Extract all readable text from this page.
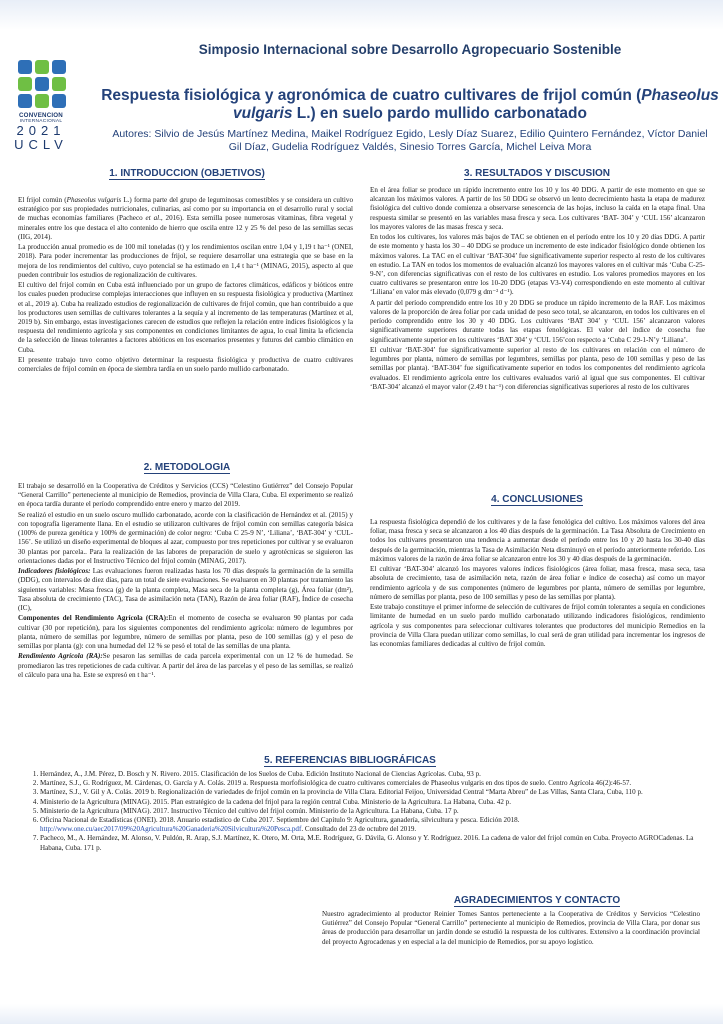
Simposio Internacional sobre Desarrollo Agropecuario Sostenible
CONVENCION
INTERNACIONAL
2021
UCLV
Respuesta fisiológica y agronómica de cuatro cultivares de frijol común (Phaseolus vulgaris L.) en suelo pardo mullido carbonatado
Autores: Silvio de Jesús Martínez Medina, Maikel Rodríguez Egido, Lesly Díaz Suarez, Edilio Quintero Fernández, Víctor Daniel Gil Díaz, Gudelia Rodríguez Valdés, Sinesio Torres García, Michel Leiva Mora
1. INTRODUCCION (OBJETIVOS)

El frijol común (Phaseolus vulgaris L.) forma parte del grupo de leguminosas comestibles y se considera un cultivo estratégico por sus propiedades nutricionales, culinarias, así como por su importancia en el desarrollo rural y social de muchas economías familiares (Pacheco et al., 2016). Esta semilla posee numerosas vitaminas, fibra vegetal y minerales entre los que destaca el alto contenido de hierro que oscila entre 12 y 25 % del peso de las semillas secas (IIG, 2014).

La producción anual promedio es de 100 mil toneladas (t) y los rendimientos oscilan entre 1,04 y 1,19 t ha⁻¹ (ONEI, 2018). Para poder incrementar las producciones de frijol, se requiere desarrollar una estrategia que se base en la mejora de los rendimientos del cultivo, cuyo potencial se ha estimado en 1,4 t ha⁻¹ (MINAG, 2015), aspecto al que pueden contribuir los estudios de regionalización de cultivares.

El cultivo del frijol común en Cuba está influenciado por un grupo de factores climáticos, edáficos y bióticos entre los cuales pueden producirse complejas interacciones que influyen en su respuesta fisiológica y productiva (Martínez et al., 2019 a). Cuba ha realizado estudios de regionalización de cultivares de frijol común, que han contribuido a que los productores usen semillas de cultivares tolerantes a la sequía y al incremento de las temperaturas (Martínez et al, 2019 b). Sin embargo, estas investigaciones carecen de estudios que reflejen la relación entre índices fisiológicos y la respuesta del rendimiento agrícola y sus componentes en condiciones limitantes de agua, lo cual limita la eficiencia de la selección de líneas tolerantes a factores abióticos en los escenarios presentes y futuros del cambio climático en Cuba.

El presente trabajo tuvo como objetivo determinar la respuesta fisiológica y productiva de cuatro cultivares comerciales de frijol común en época de siembra tardía en un suelo pardo mullido carbonatado.

2. METODOLOGIA

El trabajo se desarrolló en la Cooperativa de Créditos y Servicios (CCS) “Celestino Gutiérrez” del Consejo Popular “General Carrillo” perteneciente al municipio de Remedios, provincia de Villa Clara, Cuba. El experimento se realizó en época tardía durante el período comprendido entre enero y marzo del 2019.

Se realizó el estudio en un suelo oscuro mullido carbonatado, acorde con la clasificación de Hernández et al. (2015) y con topografía ligeramente llana. En el estudio se utilizaron cultivares de frijol común con semillas categoría básica (100% de pureza genética y 100% de germinación) de color negro: ‘Cuba C 25-9 N’, ‘Liliana’, ‘BAT-304’ y ‘CUL-156’. Se utilizó un diseño experimental de bloques al azar, compuesto por tres repeticiones por cultivar y se evaluaron 30 plantas por parcela.. Para la realización de las labores de preparación de suelo y agrotécnicas se siguieron las orientaciones dadas por el Instructivo Técnico del frijol común (MINAG, 2017).

Indicadores fisiológicos: Las evaluaciones fueron realizadas hasta los 70 días después la germinación de la semilla (DDG), con intervalos de diez días, para un total de siete evaluaciones. Se evaluaron en 30 plantas por tratamiento las siguientes variables: Masa fresca (g) de la planta completa, Masa seca de la planta completa (g), Área foliar (dm²), Tasa absoluta de crecimiento (TAC), Tasa de asimilación neta (TAN), Razón de área foliar (RAF), Índice de cosecha (IC),

Componentes del Rendimiento Agrícola (CRA):En el momento de cosecha se evaluaron 90 plantas por cada cultivar (30 por repetición), para los siguientes componentes del rendimiento agrícola: número de legumbres por planta, número de semillas por legumbre, número de semillas por planta, peso de 100 semillas (g) y el peso de semillas por planta (g): con una humedad del 12 % se pesó el total de las semillas de una planta.

Rendimiento Agrícola (RA):Se pesaron las semillas de cada parcela experimental con un 12 % de humedad. Se promediaron las tres repeticiones de cada cultivar. A partir del área de las parcelas y el peso de las semillas, se realizó el cálculo para una ha. Este se expresó en t ha⁻¹.

3. RESULTADOS Y DISCUSION

En el área foliar se produce un rápido incremento entre los 10 y los 40 DDG. A partir de este momento en que se alcanzan los máximos valores. A partir de los 50 DDG se observó un lento decrecimiento hasta la etapa de madurez fisiológica del cultivo donde comienza a observarse senescencia de las hojas, incluso la caída en la etapa final. Una respuesta similar se presentó en las variables masa fresca y seca. Los cultivares ‘BAT- 304’ y ‘CUL 156’ alcanzaron los mayores valores de las masas fresca y seca.

En todos los cultivares, los valores más bajos de TAC se obtienen en el período entre los 10 y 20 días DDG. A partir de este momento y hasta los 30 – 40 DDG se produce un incremento de este indicador fisiológico donde obtienen los máximos valores. La TAC en el cultivar ‘BAT-304’ fue significativamente superior respecto al resto de los cultivares en estudio. La TAN en todos los momentos de evaluación alcanzó los mayores valores en el cultivar más ‘Cuba C-25-9-N’, con diferencias significativas con el resto de los cultivares en estudio. Los valores promedios mayores en los cuatro cultivares se presentaron entre los 10-20 DDG (etapas V3-V4) correspondiendo en este momento al cultivar ‘Liliana’ en valor más elevado (0,079 g dm⁻² d⁻¹).

A partir del período comprendido entre los 10 y 20 DDG se produce un rápido incremento de la RAF. Los máximos valores de la proporción de área foliar por cada unidad de peso seco total, se alcanzaron, en todos los cultivares en el período comprendido entre los 30 y 40 DDG. Los cultivares ‘BAT 304’ y ‘CUL 156’ alcanzaron valores significativamente superiores durante todas las etapas fenológicas. El valor del índice de cosecha fue significativamente superior en los cultivares ‘BAT 304’ y ‘CUL 156’con respecto a ‘Cuba C 29-1-N’y ‘Liliana’.

El cultivar ‘BAT-304’ fue significativamente superior al resto de los cultivares en relación con el número de legumbres por planta, número de semillas por legumbres, semillas por planta, peso de 100 semillas y peso de las semillas por planta). ‘BAT-304’ fue significativamente superior en todos los componentes del rendimiento agrícola evaluados. El rendimiento agrícola entre los cultivares evaluados varió al igual que sus componentes. El cultivar ‘BAT-304’ alcanzó el mayor valor (2.49 t ha⁻¹) con diferencias significativas superiores al resto de los cultivares

4. CONCLUSIONES

La respuesta fisiológica dependió de los cultivares y de la fase fenológica del cultivo. Los máximos valores del área foliar, masa fresca y seca se alcanzaron a los 40 días después de la germinación. La Tasa Absoluta de Crecimiento en todos los cultivares presentaron una tendencia a aumentar desde el período entre los 10 y 20 hasta los 30-40 días después de la germinación, mientras la Tasa de Asimilación Neta disminuyó en el período anteriormente referido. Los máximos valores de la razón de área foliar se alcanzaron entre los 30 y 40 días después de la germinación.

El cultivar ‘BAT-304’ alcanzó los mayores valores índices fisiológicos (área foliar, masa fresca, masa seca, tasa absoluta de crecimiento, tasa de asimilación neta, razón de área foliar e índice de cosecha) así como un mayor rendimiento agrícola y de sus componentes (número de legumbres por planta, número de semillas por legumbre, número de semillas por planta, peso de 100 semillas y peso de las semillas por planta).

Este trabajo constituye el primer informe de selección de cultivares de frijol común tolerantes a sequía en condiciones limitante de humedad en un suelo pardo mullido carbonatado utilizando indicadores fisiológicos, rendimiento agrícola y sus componentes para seleccionar cultivares tolerantes que productores del municipio Remedios en la provincia de Villa Clara puedan utilizar como semillas, lo cual será de gran utilidad para incrementar los ingresos de las economías familiares dedicadas al cultivo de frijol común.

5. REFERENCIAS BIBLIOGRÁFICAS
1. Hernández, A., J.M. Pérez, D. Bosch y N. Rivero. 2015. Clasificación de los Suelos de Cuba. Edición Instituto Nacional de Ciencias Agrícolas. Cuba, 93 p.
2. Martínez, S.J., G. Rodríguez, M. Cárdenas, O. García y A. Colás. 2019 a. Respuesta morfofisiológica de cuatro cultivares comerciales de Phaseolus vulgaris en dos tipos de suelo. Centro Agrícola 46(2):46-57.
3. Martínez, S.J., V. Gil y A. Colás. 2019 b. Regionalización de variedades de frijol común en la provincia de Villa Clara. Editorial Feijoo, Universidad Central “Marta Abreu” de Las Villas, Santa Clara, Cuba, 110 p.
4. Ministerio de la Agricultura (MINAG). 2015. Plan estratégico de la cadena del frijol para la región central Cuba. Ministerio de la Agricultura. La Habana, Cuba. 42 p.
5. Ministerio de la Agricultura (MINAG). 2017. Instructivo Técnico del cultivo del frijol común. Ministerio de la Agricultura. La Habana, Cuba. 17 p.
6. Oficina Nacional de Estadísticas (ONEI). 2018. Anuario estadístico de Cuba 2017. Septiembre del Capítulo 9: Agricultura, ganadería, silvicultura y pesca. Edición 2018. http://www.one.cu/aec2017/09%20Agricultura%20Ganaderia%20Silvicultura%20Pesca.pdf. Consultado del 23 de octubre del 2019.
7. Pacheco, M., A. Hernández, M. Alonso, V. Puldón, R. Arap, S.J. Martínez, K. Otero, M. Orta, M.E. Rodríguez, G. Dávila, G. Alonso y Y. Rodríguez. 2016. La cadena de valor del frijol común en Cuba. Proyecto AGROCadenas. La Habana, Cuba. 171 p.
AGRADECIMIENTOS Y CONTACTO
Nuestro agradecimiento al productor Reinier Tomes Santos perteneciente a la Cooperativa de Créditos y Servicios “Celestino Gutiérrez” del Consejo Popular “General Carrillo” perteneciente al municipio de Remedios, provincia de Villa Clara, por donar sus áreas de producción para desarrollar un jardín donde se estudió la respuesta de los cultivares. Extensivo a la coordinación provincial del proyecto Agrocadenas y en especial a la del municipio de Remedios, por su apoyo logístico.
